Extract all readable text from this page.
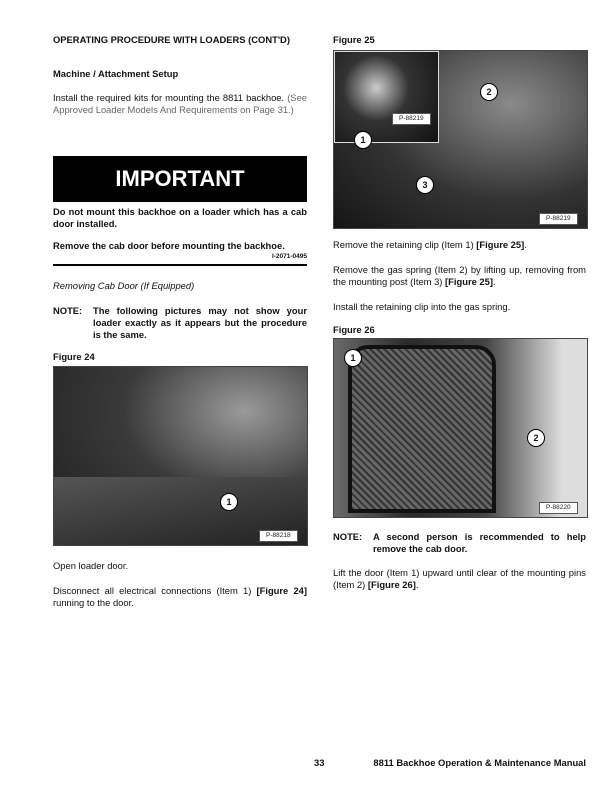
OPERATING PROCEDURE WITH LOADERS (CONT'D)
Machine / Attachment Setup
Install the required kits for mounting the 8811 backhoe. (See Approved Loader Models And Requirements on Page 31.)
IMPORTANT
Do not mount this backhoe on a loader which has a cab door installed.
Remove the cab door before mounting the backhoe.
I-2071-0495
Removing Cab Door (If Equipped)
NOTE:	The following pictures may not show your loader exactly as it appears but the procedure is the same.
Figure 24
1
P-88218
Open loader door.
Disconnect all electrical connections (Item 1) [Figure 24] running to the door.
Figure 25
P-88219
1
2
3
P-88219
Remove the retaining clip (Item 1) [Figure 25].
Remove the gas spring (Item 2) by lifting up, removing from the mounting post (Item 3) [Figure 25].
Install the retaining clip into the gas spring.
Figure 26
1
2
P-88220
NOTE:	A second person is recommended to help remove the cab door.
Lift the door (Item 1) upward until clear of the mounting pins (Item 2) [Figure 26].
33	8811 Backhoe Operation & Maintenance Manual
